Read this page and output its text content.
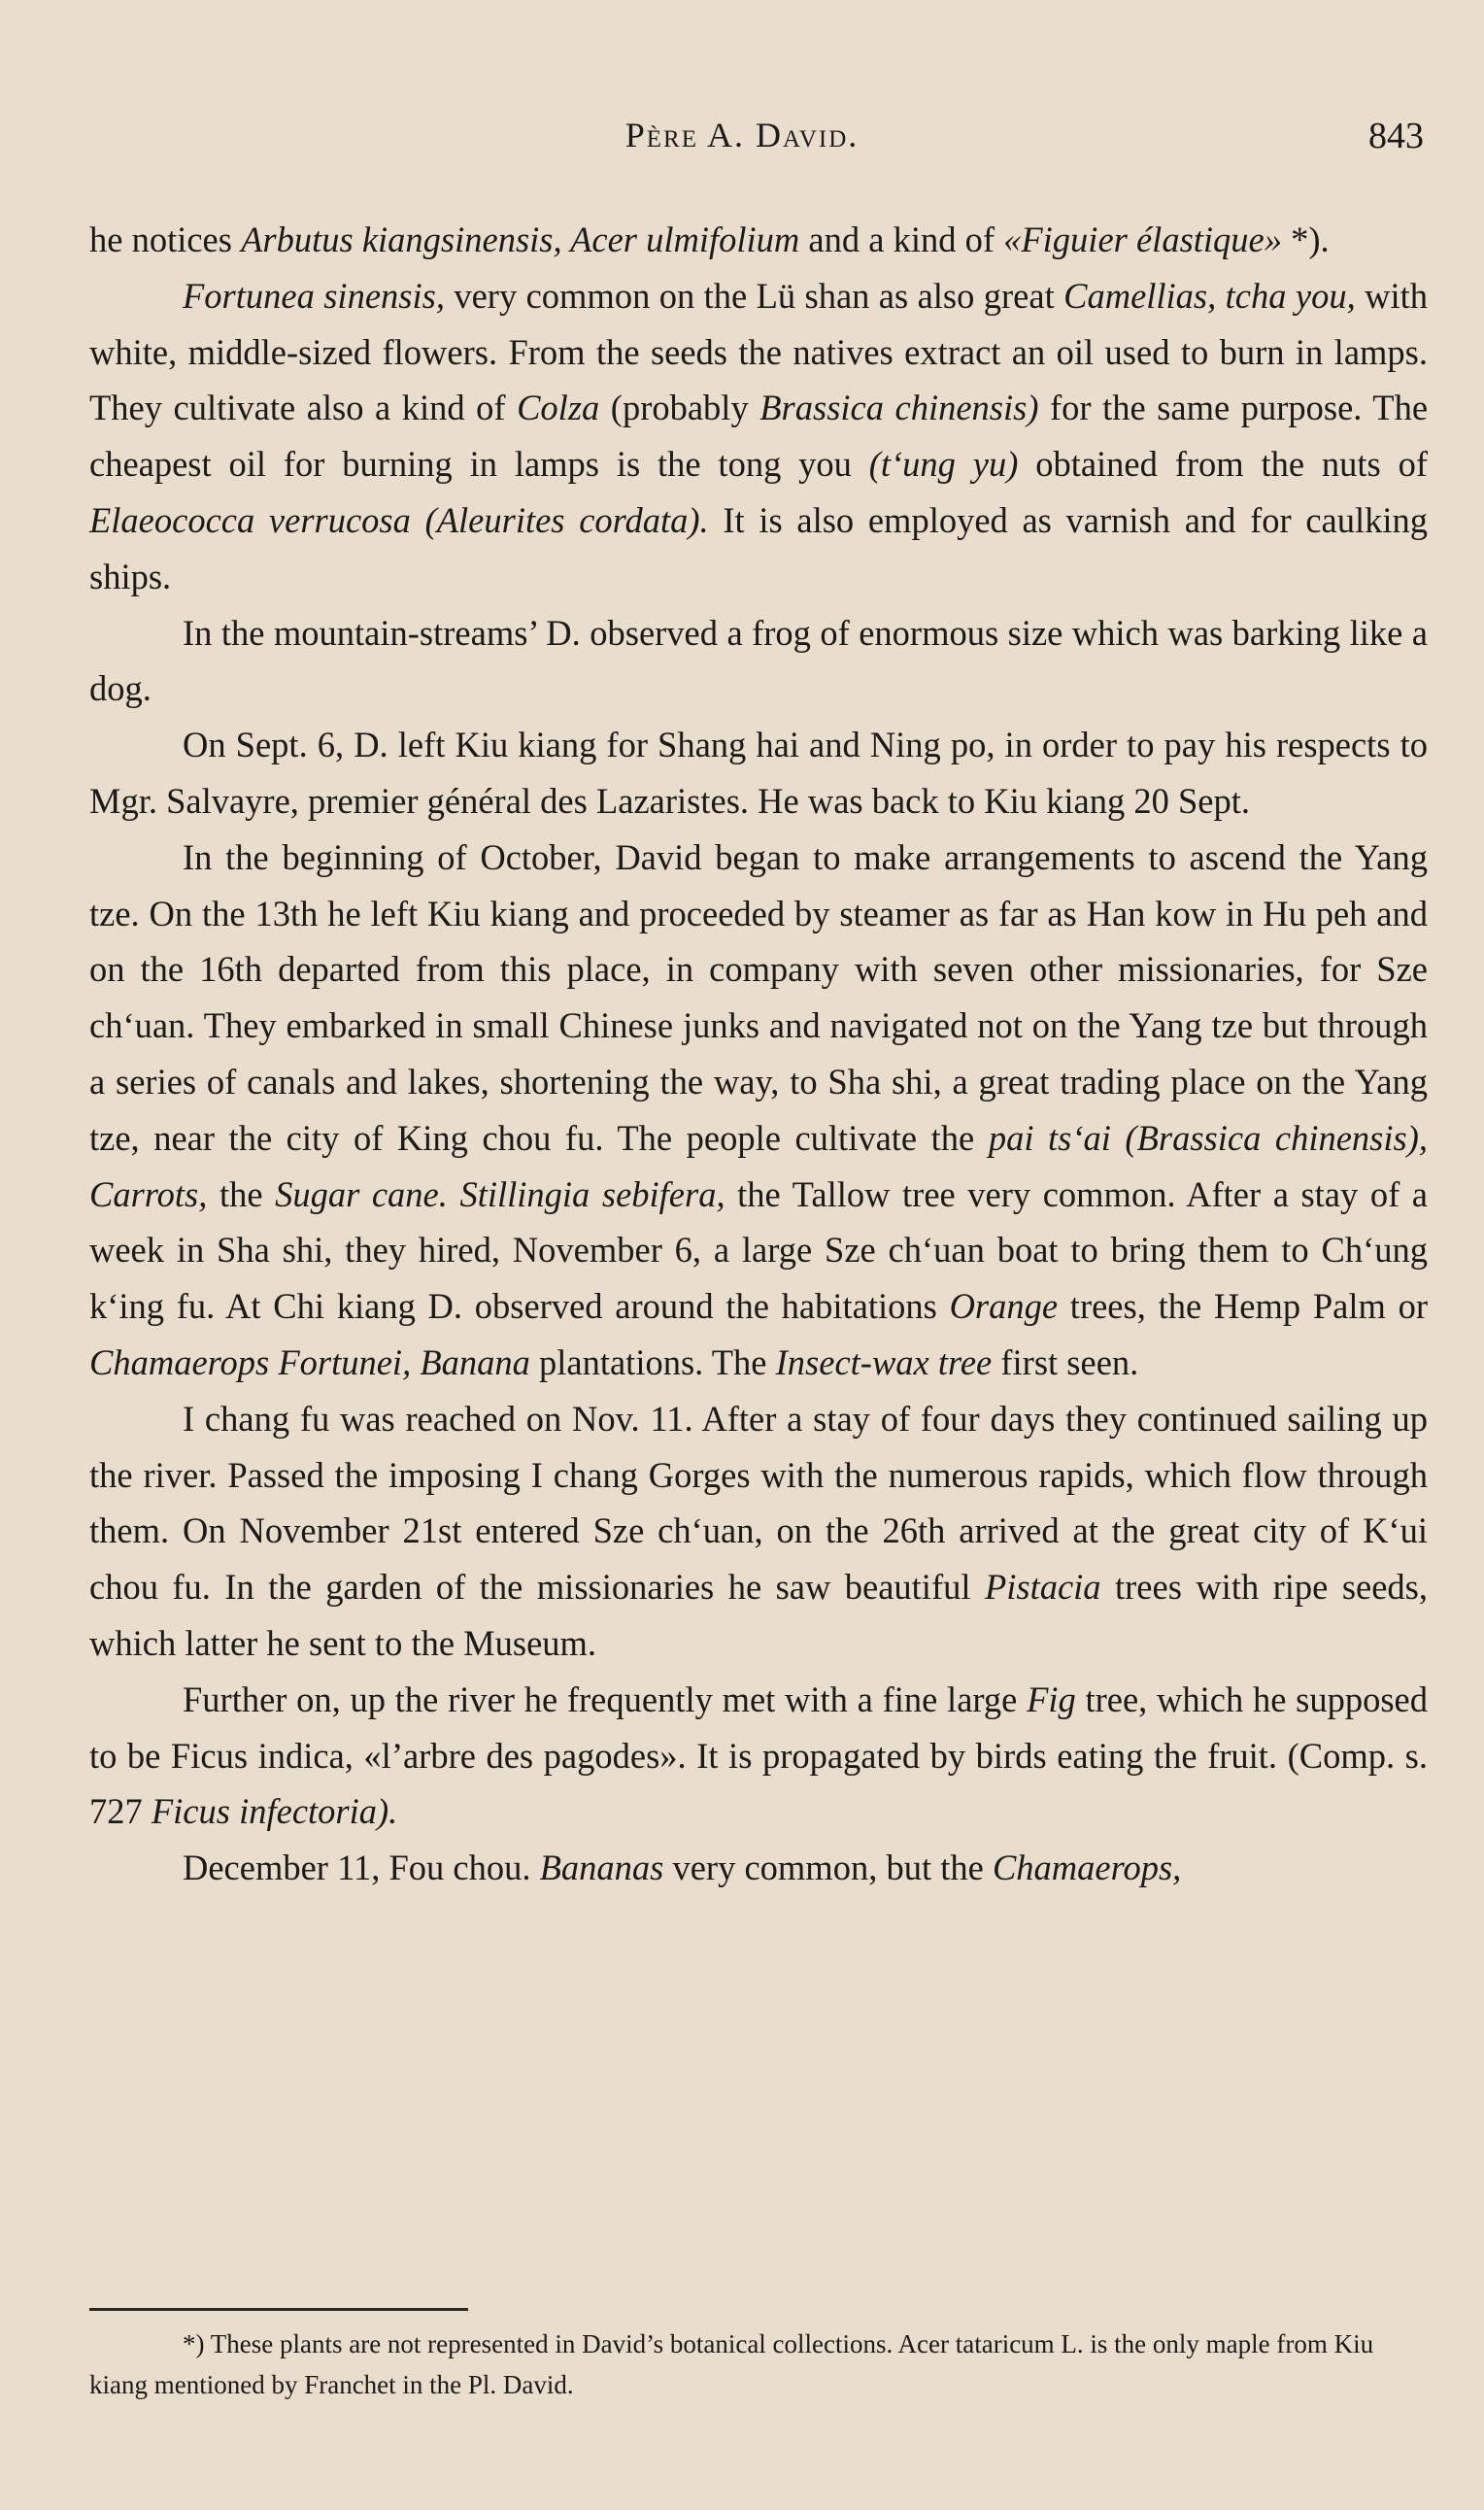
Père A. David.	843

he notices Arbutus kiangsinensis, Acer ulmifolium and a kind of «Figuier élastique» *).

Fortunea sinensis, very common on the Lü shan as also great Camellias, tcha you, with white, middle-sized flowers. From the seeds the natives extract an oil used to burn in lamps. They cultivate also a kind of Colza (probably Brassica chinensis) for the same purpose. The cheapest oil for burning in lamps is the tong you (t‘ung yu) obtained from the nuts of Elaeococca verrucosa (Aleurites cordata). It is also employed as varnish and for caulking ships.

In the mountain-streams’ D. observed a frog of enormous size which was barking like a dog.

On Sept. 6, D. left Kiu kiang for Shang hai and Ning po, in order to pay his respects to Mgr. Salvayre, premier général des Lazaristes. He was back to Kiu kiang 20 Sept.

In the beginning of October, David began to make arrangements to ascend the Yang tze. On the 13th he left Kiu kiang and proceeded by steamer as far as Han kow in Hu peh and on the 16th departed from this place, in company with seven other missionaries, for Sze ch‘uan. They embarked in small Chinese junks and navigated not on the Yang tze but through a series of canals and lakes, shortening the way, to Sha shi, a great trading place on the Yang tze, near the city of King chou fu. The people cultivate the pai ts‘ai (Brassica chinensis), Carrots, the Sugar cane. Stillingia sebifera, the Tallow tree very common. After a stay of a week in Sha shi, they hired, November 6, a large Sze ch‘uan boat to bring them to Ch‘ung k‘ing fu. At Chi kiang D. observed around the habitations Orange trees, the Hemp Palm or Chamaerops Fortunei, Banana plantations. The Insect-wax tree first seen.

I chang fu was reached on Nov. 11. After a stay of four days they continued sailing up the river. Passed the imposing I chang Gorges with the numerous rapids, which flow through them. On November 21st entered Sze ch‘uan, on the 26th arrived at the great city of K‘ui chou fu. In the garden of the missionaries he saw beautiful Pistacia trees with ripe seeds, which latter he sent to the Museum.

Further on, up the river he frequently met with a fine large Fig tree, which he supposed to be Ficus indica, «l’arbre des pagodes». It is propagated by birds eating the fruit. (Comp. s. 727 Ficus infectoria).

December 11, Fou chou. Bananas very common, but the Chamaerops,

*) These plants are not represented in David’s botanical collections. Acer tataricum L. is the only maple from Kiu kiang mentioned by Franchet in the Pl. David.
